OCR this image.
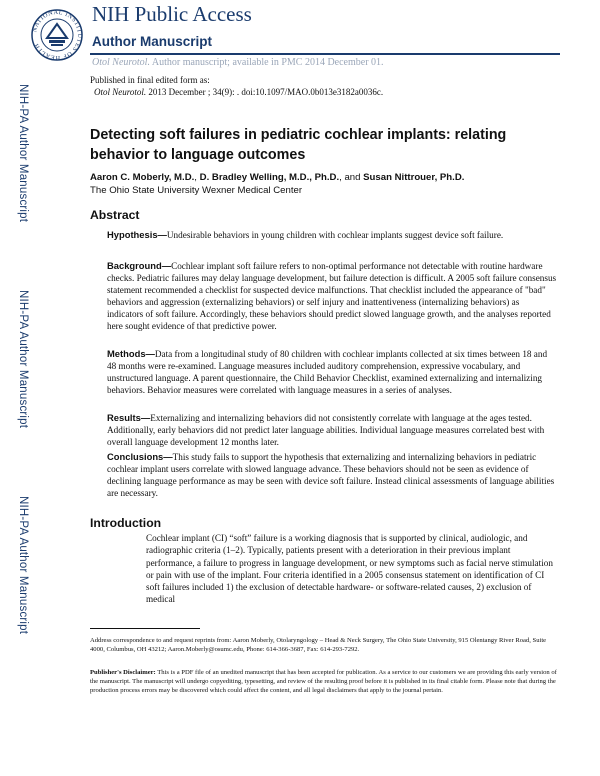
NATIONAL INSTITUTES OF HEALTH
NIH Public Access
Author Manuscript
Otol Neurotol. Author manuscript; available in PMC 2014 December 01.
Published in final edited form as:
Otol Neurotol. 2013 December ; 34(9): . doi:10.1097/MAO.0b013e3182a0036c.
NIH-PA Author Manuscript
NIH-PA Author Manuscript
NIH-PA Author Manuscript
Detecting soft failures in pediatric cochlear implants: relating behavior to language outcomes
Aaron C. Moberly, M.D., D. Bradley Welling, M.D., Ph.D., and Susan Nittrouer, Ph.D.
The Ohio State University Wexner Medical Center
Abstract
Hypothesis—Undesirable behaviors in young children with cochlear implants suggest device soft failure.
Background—Cochlear implant soft failure refers to non-optimal performance not detectable with routine hardware checks. Pediatric failures may delay language development, but failure detection is difficult. A 2005 soft failure consensus statement recommended a checklist for suspected device malfunctions. That checklist included the appearance of "bad" behaviors and aggression (externalizing behaviors) or self injury and inattentiveness (internalizing behaviors) as indicators of soft failure. Accordingly, these behaviors should predict slowed language growth, and the analyses reported here sought evidence of that predictive power.
Methods—Data from a longitudinal study of 80 children with cochlear implants collected at six times between 18 and 48 months were re-examined. Language measures included auditory comprehension, expressive vocabulary, and unstructured language. A parent questionnaire, the Child Behavior Checklist, examined externalizing and internalizing behaviors. Behavior measures were correlated with language measures in a series of analyses.
Results—Externalizing and internalizing behaviors did not consistently correlate with language at the ages tested. Additionally, early behaviors did not predict later language abilities. Individual language measures correlated best with overall language development 12 months later.
Conclusions—This study fails to support the hypothesis that externalizing and internalizing behaviors in pediatric cochlear implant users correlate with slowed language advance. These behaviors should not be seen as evidence of declining language performance as may be seen with device soft failure. Instead clinical assessments of language abilities are necessary.
Introduction
Cochlear implant (CI) “soft” failure is a working diagnosis that is supported by clinical, audiologic, and radiographic criteria (1–2). Typically, patients present with a deterioration in their previous implant performance, a failure to progress in language development, or new symptoms such as facial nerve stimulation or pain with use of the implant. Four criteria identified in a 2005 consensus statement on identification of CI soft failures included 1) the exclusion of detectable hardware- or software-related causes, 2) exclusion of medical
Address correspondence to and request reprints from: Aaron Moberly, Otolaryngology – Head & Neck Surgery, The Ohio State University, 915 Olentangy River Road, Suite 4000, Columbus, OH 43212; Aaron.Moberly@osumc.edu, Phone: 614-366-3687, Fax: 614-293-7292.
Publisher's Disclaimer: This is a PDF file of an unedited manuscript that has been accepted for publication. As a service to our customers we are providing this early version of the manuscript. The manuscript will undergo copyediting, typesetting, and review of the resulting proof before it is published in its final citable form. Please note that during the production process errors may be discovered which could affect the content, and all legal disclaimers that apply to the journal pertain.
